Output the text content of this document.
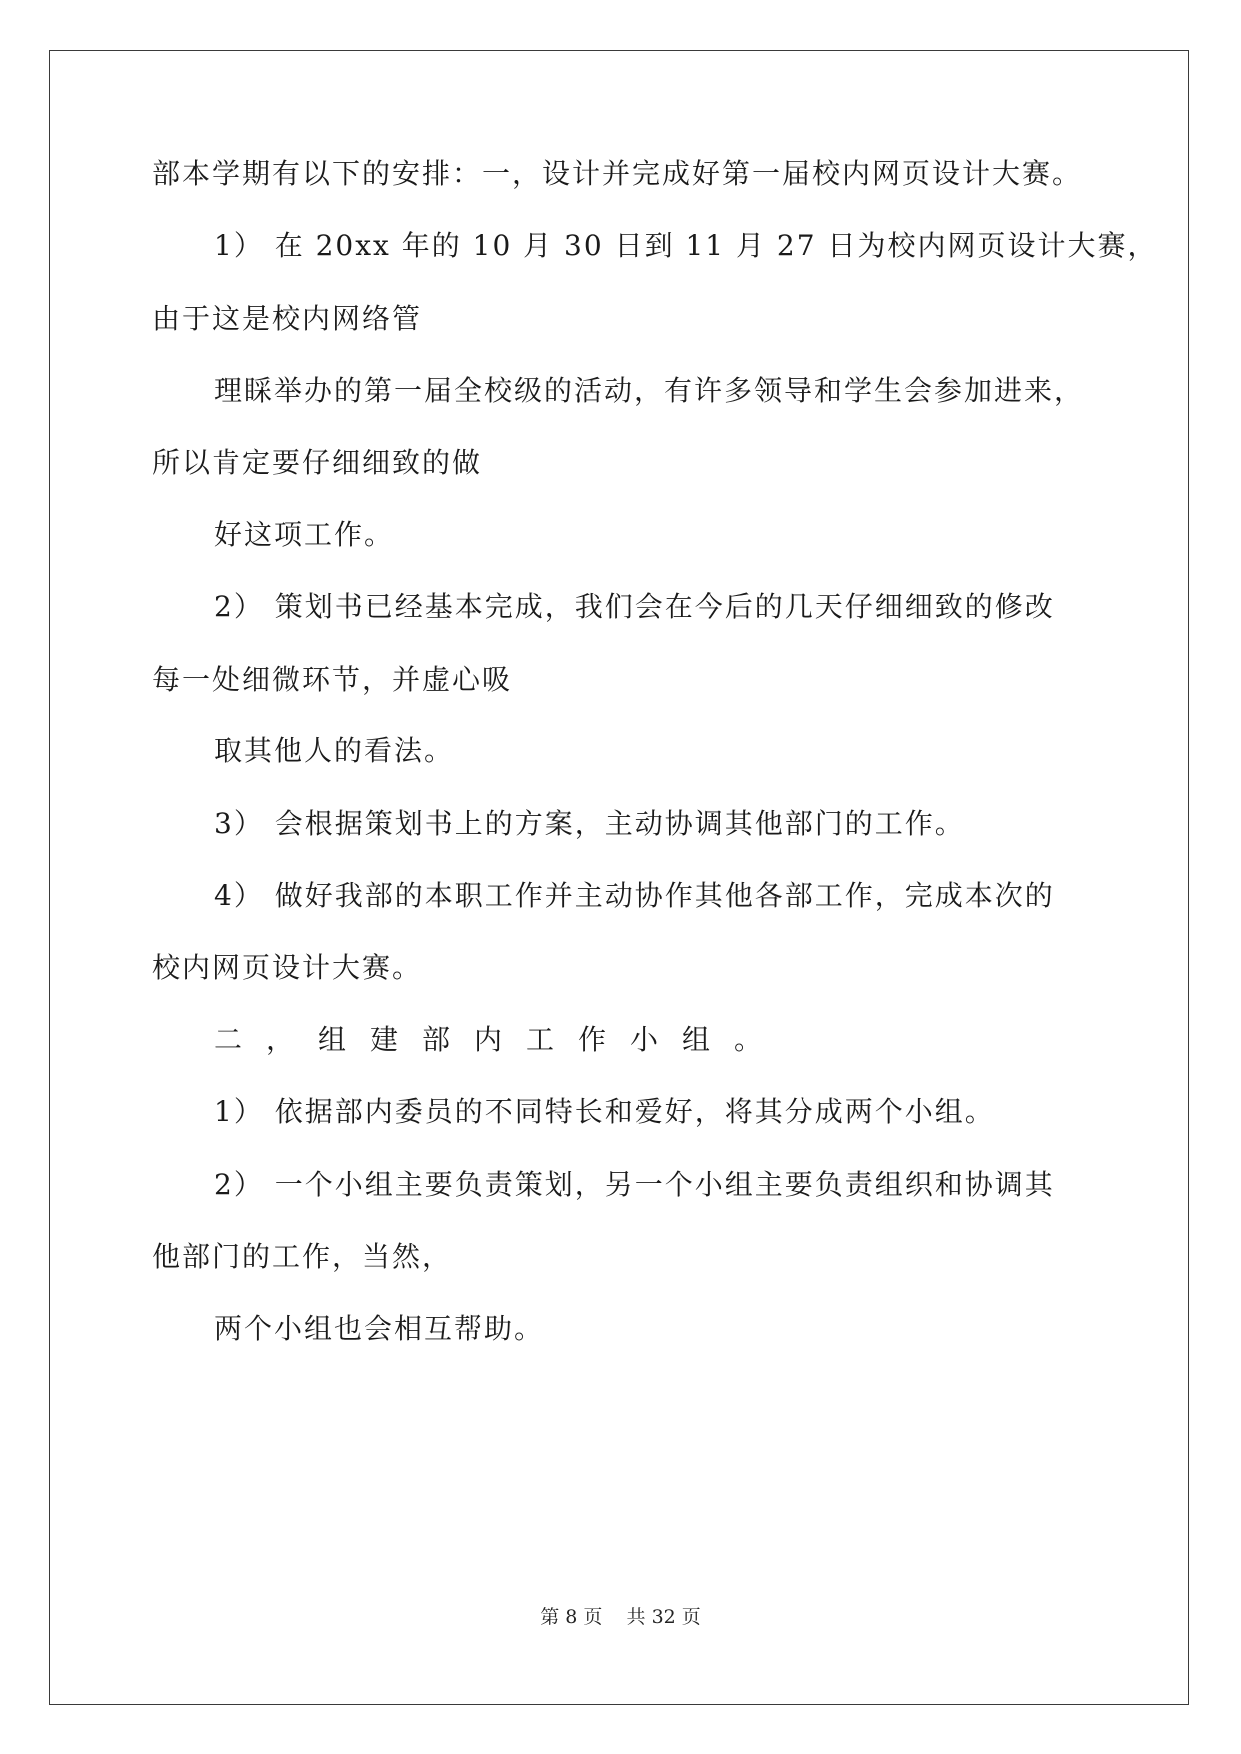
部本学期有以下的安排：一，设计并完成好第一届校内网页设计大赛。
1） 在 20xx 年的 10 月 30 日到 11 月 27 日为校内网页设计大赛，
由于这是校内网络管
理睬举办的第一届全校级的活动，有许多领导和学生会参加进来，
所以肯定要仔细细致的做
好这项工作。
2） 策划书已经基本完成，我们会在今后的几天仔细细致的修改
每一处细微环节，并虚心吸
取其他人的看法。
3） 会根据策划书上的方案，主动协调其他部门的工作。
4） 做好我部的本职工作并主动协作其他各部工作，完成本次的
校内网页设计大赛。
二，组建部内工作小组。
1） 依据部内委员的不同特长和爱好，将其分成两个小组。
2） 一个小组主要负责策划，另一个小组主要负责组织和协调其
他部门的工作，当然，
两个小组也会相互帮助。
第 8 页    共 32 页
